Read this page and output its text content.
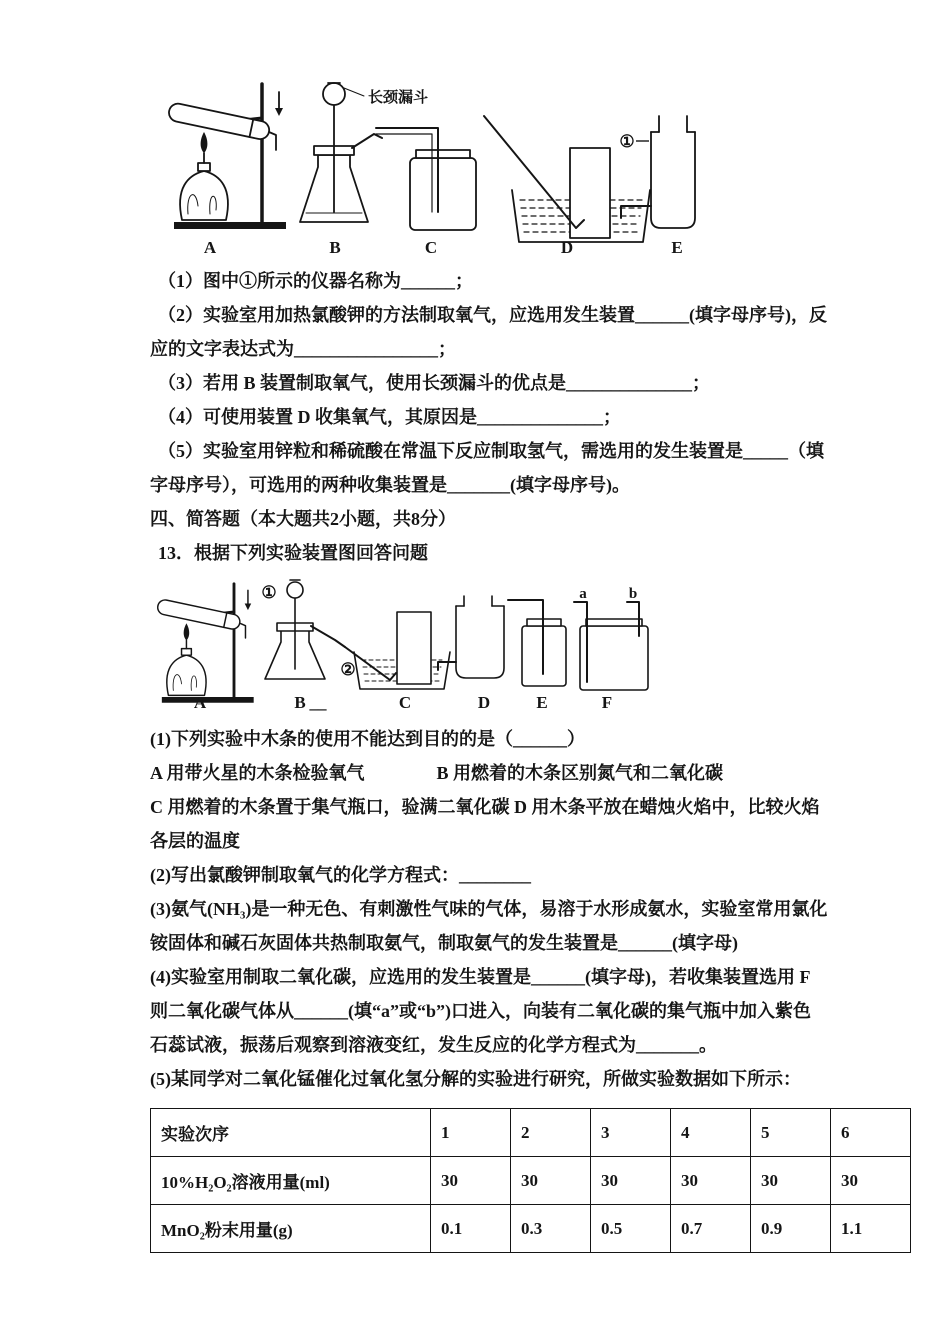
长颈漏斗
①
A	B	C	D	E
（1）图中①所示的仪器名称为______；
（2）实验室用加热氯酸钾的方法制取氧气，应选用发生装置______(填字母序号)，反
应的文字表达式为________________；
（3）若用 B 装置制取氧气，使用长颈漏斗的优点是______________；
（4）可使用装置 D 收集氧气，其原因是______________；
（5）实验室用锌粒和稀硫酸在常温下反应制取氢气，需选用的发生装置是_____（填
字母序号），可选用的两种收集装置是_______(填字母序号)。
四、简答题（本大题共2小题，共8分）
13．根据下列实验装置图回答问题
①
②
a	b
A	B __	C	D	E	F
(1)下列实验中木条的使用不能达到目的的是（______）
A 用带火星的木条检验氧气　　　　B 用燃着的木条区别氮气和二氧化碳
C 用燃着的木条置于集气瓶口，验满二氧化碳 D 用木条平放在蜡烛火焰中，比较火焰
各层的温度
(2)写出氯酸钾制取氧气的化学方程式：________
(3)氨气(NH₃)是一种无色、有刺激性气味的气体，易溶于水形成氨水，实验室常用氯化
铵固体和碱石灰固体共热制取氨气，制取氨气的发生装置是______(填字母)
(4)实验室用制取二氧化碳，应选用的发生装置是______(填字母)，若收集装置选用 F
则二氧化碳气体从______(填“a”或“b”)口进入，向装有二氧化碳的集气瓶中加入紫色
石蕊试液，振荡后观察到溶液变红，发生反应的化学方程式为_______。
(5)某同学对二氧化锰催化过氧化氢分解的实验进行研究，所做实验数据如下所示：
实验次序	1	2	3	4	5	6
10%H₂O₂溶液用量(ml)	30	30	30	30	30	30
MnO₂粉末用量(g)	0.1	0.3	0.5	0.7	0.9	1.1
